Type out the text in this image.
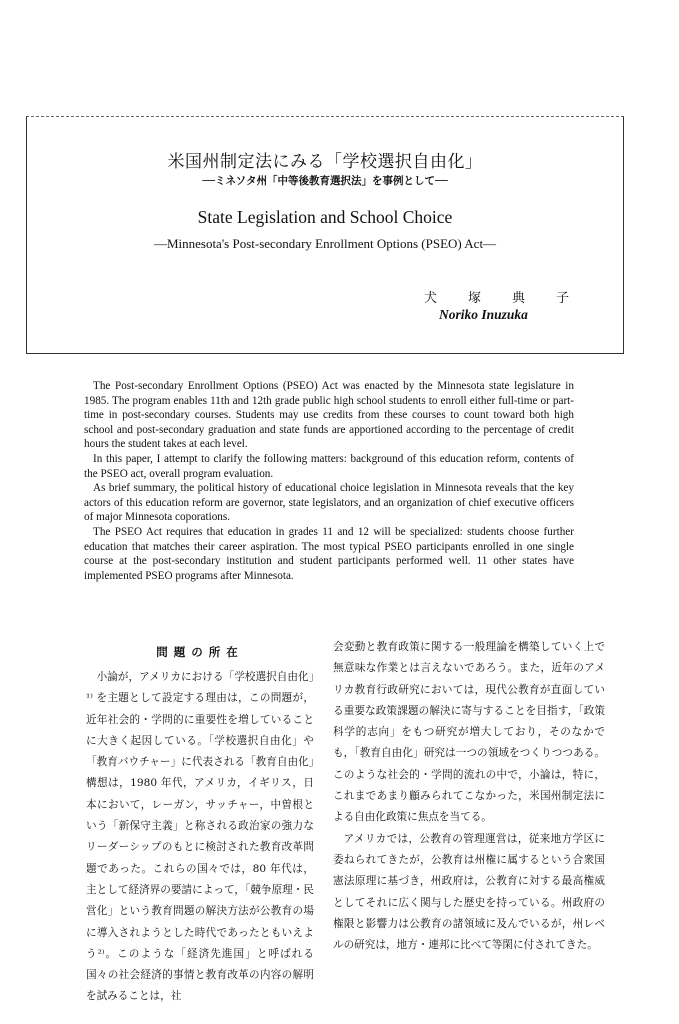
米国州制定法にみる「学校選択自由化」
──ミネソタ州「中等後教育選択法」を事例として──
State Legislation and School Choice
—Minnesota's Post-secondary Enrollment Options (PSEO) Act—
犬 塚 典 子
Noriko Inuzuka

The Post-secondary Enrollment Options (PSEO) Act was enacted by the Minnesota state legislature in 1985. The program enables 11th and 12th grade public high school students to enroll either full-time or part-time in post-secondary courses. Students may use credits from these courses to count toward both high school and post-secondary graduation and state funds are apportioned according to the percentage of credit hours the student takes at each level.

In this paper, I attempt to clarify the following matters: background of this education reform, contents of the PSEO act, overall program evaluation.

As brief summary, the political history of educational choice legislation in Minnesota reveals that the key actors of this education reform are governor, state legislators, and an organization of chief executive officers of major Minnesota coporations.

The PSEO Act requires that education in grades 11 and 12 will be specialized: students choose further education that matches their career aspiration. The most typical PSEO participants enrolled in one single course at the post-secondary institution and student participants performed well. 11 other states have implemented PSEO programs after Minnesota.

問題の所在

小論が，アメリカにおける「学校選択自由化」¹⁾ を主題として設定する理由は，この問題が，近年社会的・学問的に重要性を増していることに大きく起因している。「学校選択自由化」や「教育バウチャー」に代表される「教育自由化」構想は，1980 年代，アメリカ，イギリス，日本において，レーガン，サッチャー，中曽根という「新保守主義」と称される政治家の強力なリーダーシップのもとに検討された教育改革問題であった。これらの国々では，80 年代は，主として経済界の要請によって，「競争原理・民営化」という教育問題の解決方法が公教育の場に導入されようとした時代であったともいえよう²⁾。このような「経済先進国」と呼ばれる国々の社会経済的事情と教育改革の内容の解明を試みることは，社

会変動と教育政策に関する一般理論を構築していく上で無意味な作業とは言えないであろう。また，近年のアメリカ教育行政研究においては，現代公教育が直面している重要な政策課題の解決に寄与することを目指す，「政策科学的志向」をもつ研究が増大しており，そのなかでも，「教育自由化」研究は一つの領域をつくりつつある。このような社会的・学問的流れの中で，小論は，特に，これまであまり顧みられてこなかった，米国州制定法による自由化政策に焦点を当てる。

アメリカでは，公教育の管理運営は，従来地方学区に委ねられてきたが，公教育は州権に属するという合衆国憲法原理に基づき，州政府は，公教育に対する最高権威としてそれに広く関与した歴史を持っている。州政府の権限と影響力は公教育の諸領域に及んでいるが，州レベルの研究は，地方・連邦に比べて等閑に付されてきた。
